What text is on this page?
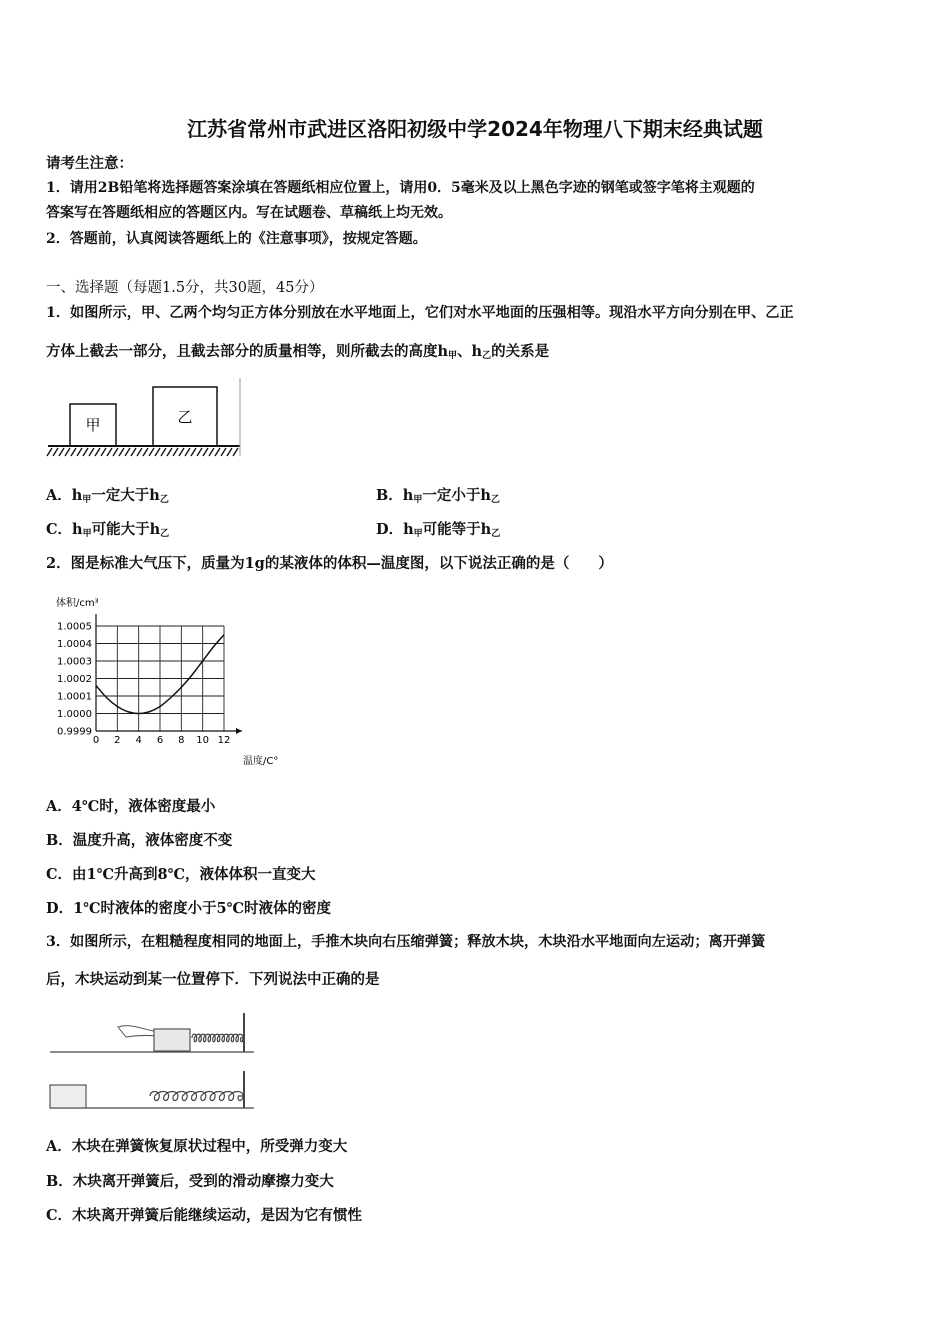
江苏省常州市武进区洛阳初级中学2024年物理八下期末经典试题
请考生注意：
1．请用2B铅笔将选择题答案涂填在答题纸相应位置上，请用0．5毫米及以上黑色字迹的钢笔或签字笔将主观题的
答案写在答题纸相应的答题区内。写在试题卷、草稿纸上均无效。
2．答题前，认真阅读答题纸上的《注意事项》，按规定答题。
一、选择题（每题1.5分，共30题，45分）
1．如图所示，甲、乙两个均匀正方体分别放在水平地面上，它们对水平地面的压强相等。现沿水平方向分别在甲、乙正
方体上截去一部分，且截去部分的质量相等，则所截去的高度$h_甲$、$h_乙$的关系是
甲	乙
A．$h_甲$一定大于$h_乙$	B．$h_甲$一定小于$h_乙$
C．$h_甲$可能大于$h_乙$	D．$h_甲$可能等于$h_乙$
2．图是标准大气压下，质量为1g的某液体的体积—温度图，以下说法正确的是（　　）
体积/cm³
0.9999
1.0000
1.0001
1.0002
1.0003
1.0004
1.0005
0 2 4 6 8 10 12
温度/C°
A．4℃时，液体密度最小
B．温度升高，液体密度不变
C．由1℃升高到8℃，液体体积一直变大
D．1℃时液体的密度小于5℃时液体的密度
3．如图所示，在粗糙程度相同的地面上，手推木块向右压缩弹簧；释放木块，木块沿水平地面向左运动；离开弹簧
后，木块运动到某一位置停下．下列说法中正确的是
A．木块在弹簧恢复原状过程中，所受弹力变大
B．木块离开弹簧后，受到的滑动摩擦力变大
C．木块离开弹簧后能继续运动，是因为它有惯性
